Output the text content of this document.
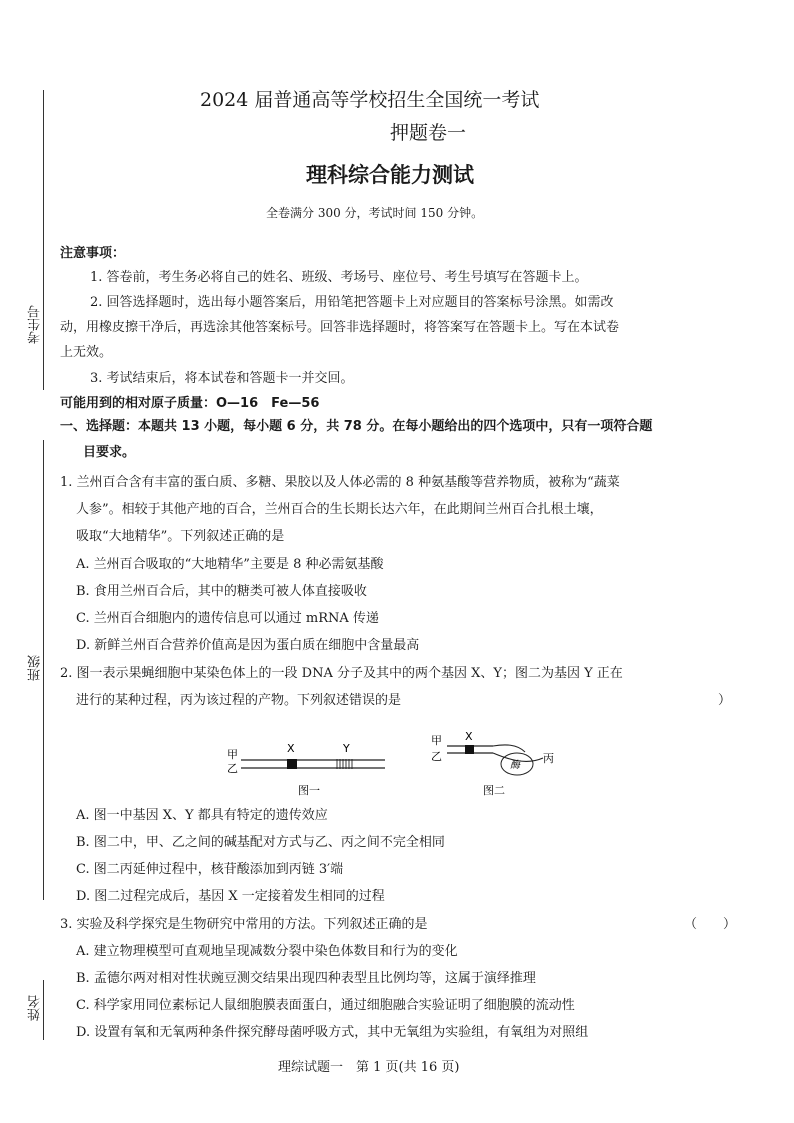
考生号
班级
姓名
2024 届普通高等学校招生全国统一考试
押题卷一
理科综合能力测试
全卷满分 300 分，考试时间 150 分钟。
注意事项：
1. 答卷前，考生务必将自己的姓名、班级、考场号、座位号、考生号填写在答题卡上。
2. 回答选择题时，选出每小题答案后，用铅笔把答题卡上对应题目的答案标号涂黑。如需改
动，用橡皮擦干净后，再选涂其他答案标号。回答非选择题时，将答案写在答题卡上。写在本试卷
上无效。
3. 考试结束后，将本试卷和答题卡一并交回。
可能用到的相对原子质量：O—16　Fe—56
一、选择题：本题共 13 小题，每小题 6 分，共 78 分。在每小题给出的四个选项中，只有一项符合题
目要求。
1. 兰州百合含有丰富的蛋白质、多糖、果胶以及人体必需的 8 种氨基酸等营养物质，被称为“蔬菜
人参”。相较于其他产地的百合，兰州百合的生长期长达六年，在此期间兰州百合扎根土壤，
吸取“大地精华”。下列叙述正确的是
A. 兰州百合吸取的“大地精华”主要是 8 种必需氨基酸
B. 食用兰州百合后，其中的糖类可被人体直接吸收
C. 兰州百合细胞内的遗传信息可以通过 mRNA 传递
D. 新鲜兰州百合营养价值高是因为蛋白质在细胞中含量最高
2. 图一表示果蝇细胞中某染色体上的一段 DNA 分子及其中的两个基因 X、Y；图二为基因 Y 正在
进行的某种过程，丙为该过程的产物。下列叙述错误的是	）
甲
乙
X	Y
图一
甲
乙
X
酶
丙
图二
A. 图一中基因 X、Y 都具有特定的遗传效应
B. 图二中，甲、乙之间的碱基配对方式与乙、丙之间不完全相同
C. 图二丙延伸过程中，核苷酸添加到丙链 3′端
D. 图二过程完成后，基因 X 一定接着发生相同的过程
3. 实验及科学探究是生物研究中常用的方法。下列叙述正确的是	（　　）
A. 建立物理模型可直观地呈现减数分裂中染色体数目和行为的变化
B. 孟德尔两对相对性状豌豆测交结果出现四种表型且比例均等，这属于演绎推理
C. 科学家用同位素标记人鼠细胞膜表面蛋白，通过细胞融合实验证明了细胞膜的流动性
D. 设置有氧和无氧两种条件探究酵母菌呼吸方式，其中无氧组为实验组，有氧组为对照组
理综试题一　第 1 页(共 16 页)
